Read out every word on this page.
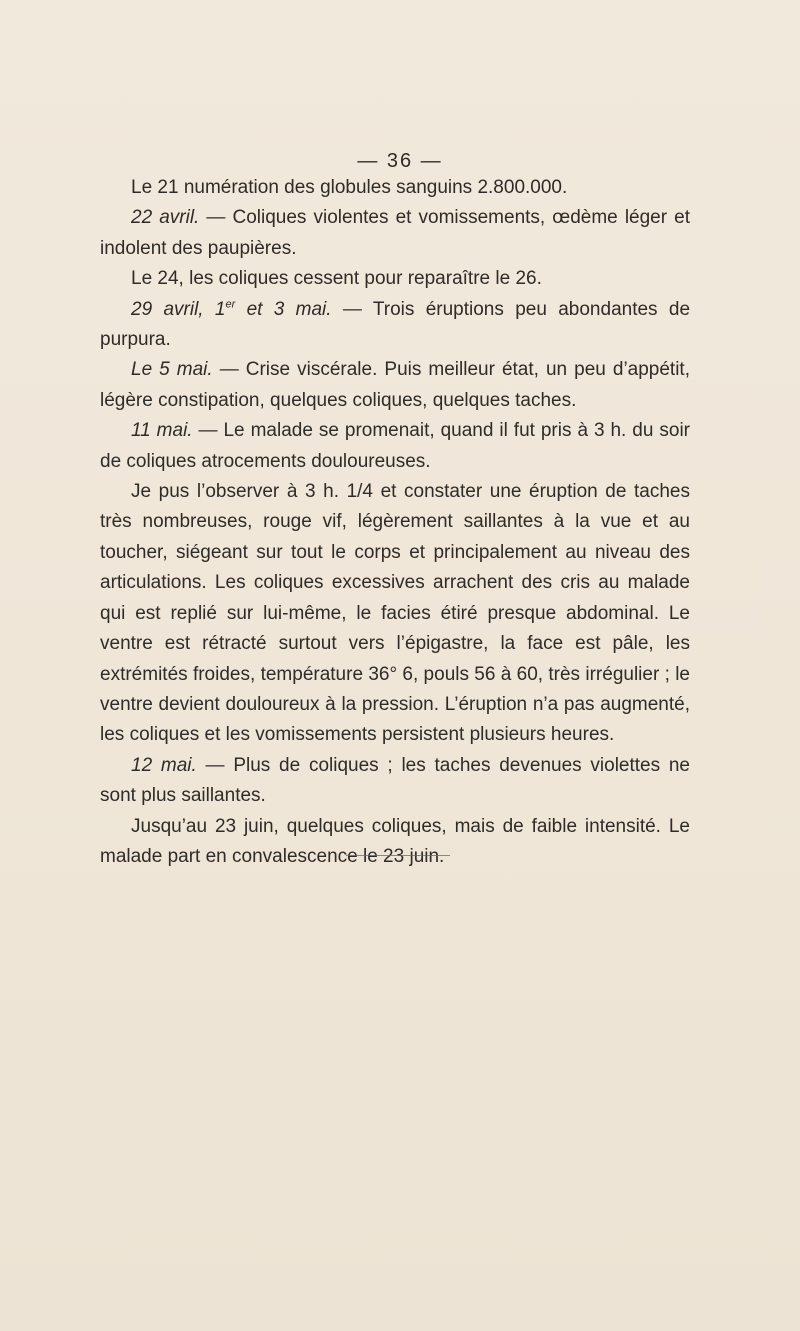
— 36 —

Le 21 numération des globules sanguins 2.800.000.

22 avril. — Coliques violentes et vomissements, œdème léger et indolent des paupières.

Le 24, les coliques cessent pour reparaître le 26.

29 avril, 1er et 3 mai. — Trois éruptions peu abondantes de purpura.

Le 5 mai. — Crise viscérale. Puis meilleur état, un peu d’appétit, légère constipation, quelques coliques, quelques taches.

11 mai. — Le malade se promenait, quand il fut pris à 3 h. du soir de coliques atrocements douloureuses.

Je pus l’observer à 3 h. 1/4 et constater une éruption de taches très nombreuses, rouge vif, légèrement saillantes à la vue et au toucher, siégeant sur tout le corps et principalement au niveau des articulations. Les coliques excessives arrachent des cris au malade qui est replié sur lui-même, le facies étiré presque abdominal. Le ventre est rétracté surtout vers l’épigastre, la face est pâle, les extrémités froides, température 36° 6, pouls 56 à 60, très irrégulier ; le ventre devient douloureux à la pression. L’éruption n’a pas augmenté, les coliques et les vomissements persistent plusieurs heures.

12 mai. — Plus de coliques ; les taches devenues violettes ne sont plus saillantes.

Jusqu’au 23 juin, quelques coliques, mais de faible intensité. Le malade part en convalescence le 23 juin.
